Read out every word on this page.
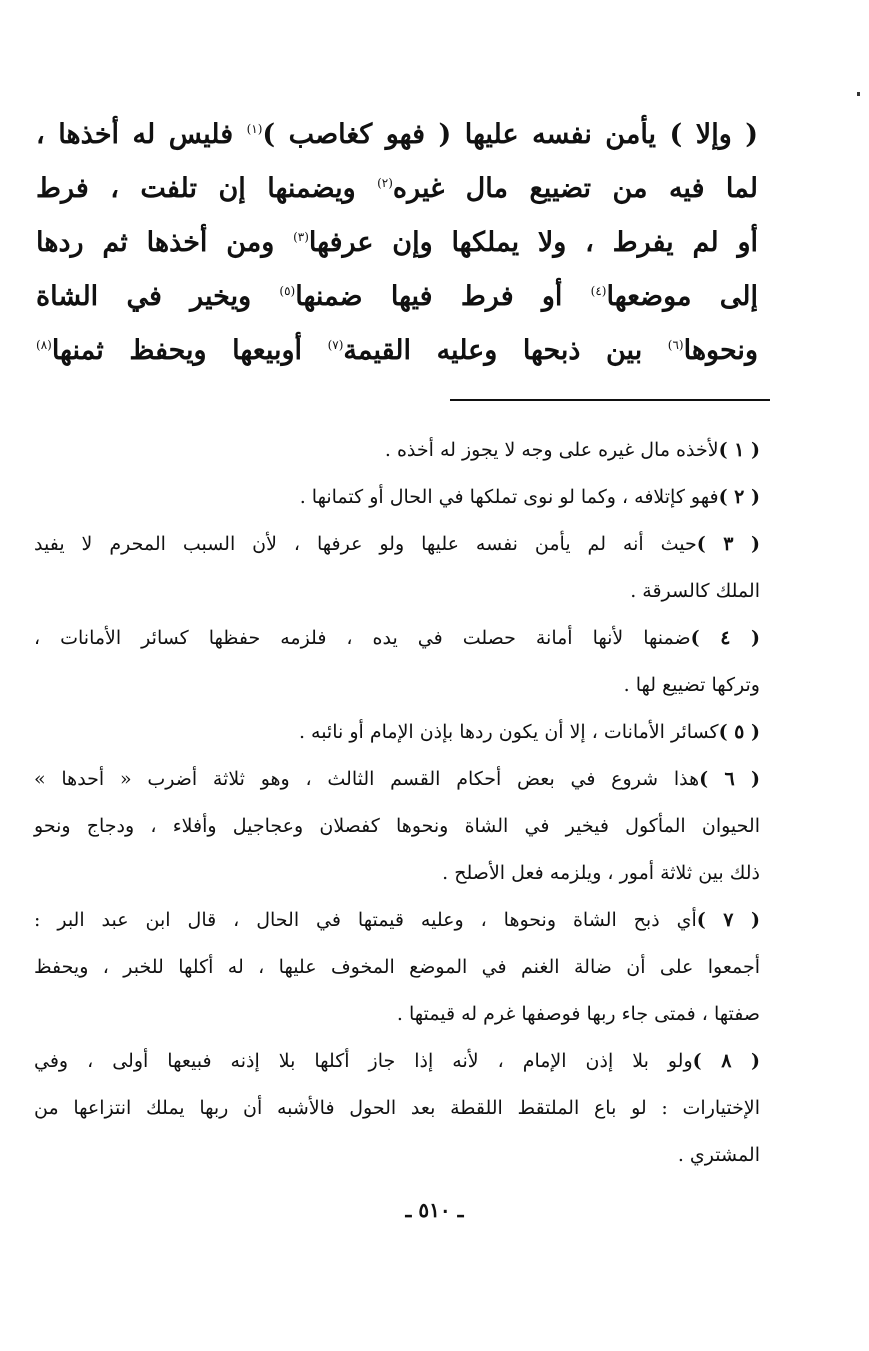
( وإلا ) يأمن نفسه عليها ( فهو كغاصب )$^{(١)}$ فليس له أخذها ،
لما فيه من تضييع مال غيره$^{(٢)}$ ويضمنها إن تلفت ، فرط
أو لم يفرط ، ولا يملكها وإن عرفها$^{(٣)}$ ومن أخذها ثم ردها
إلى موضعها$^{(٤)}$ أو فرط فيها ضمنها$^{(٥)}$ ويخير في الشاة
ونحوها$^{(٦)}$ بين ذبحها وعليه القيمة$^{(٧)}$ أوبيعها ويحفظ ثمنها$^{(٨)}$
( ١ )لأخذه مال غيره على وجه لا يجوز له أخذه .
( ٢ )فهو كإتلافه ، وكما لو نوى تملكها في الحال أو كتمانها .
( ٣ )حيث أنه لم يأمن نفسه عليها ولو عرفها ، لأن السبب المحرم لا يفيد
الملك كالسرقة .
( ٤ )ضمنها لأنها أمانة حصلت في يده ، فلزمه حفظها كسائر الأمانات ،
وتركها تضييع لها .
( ٥ )كسائر الأمانات ، إلا أن يكون ردها بإذن الإمام أو نائبه .
( ٦ )هذا شروع في بعض أحكام القسم الثالث ، وهو ثلاثة أضرب « أحدها »
الحيوان المأكول فيخير في الشاة ونحوها كفصلان وعجاجيل وأفلاء ، ودجاج ونحو
ذلك بين ثلاثة أمور ، ويلزمه فعل الأصلح .
( ٧ )أي ذبح الشاة ونحوها ، وعليه قيمتها في الحال ، قال ابن عبد البر :
أجمعوا على أن ضالة الغنم في الموضع المخوف عليها ، له أكلها للخبر ، ويحفظ
صفتها ، فمتى جاء ربها فوصفها غرم له قيمتها .
( ٨ )ولو بلا إذن الإمام ، لأنه إذا جاز أكلها بلا إذنه فبيعها أولى ، وفي
الإختيارات : لو باع الملتقط اللقطة بعد الحول فالأشبه أن ربها يملك انتزاعها من
المشتري .
ـ ٥١٠ ـ
